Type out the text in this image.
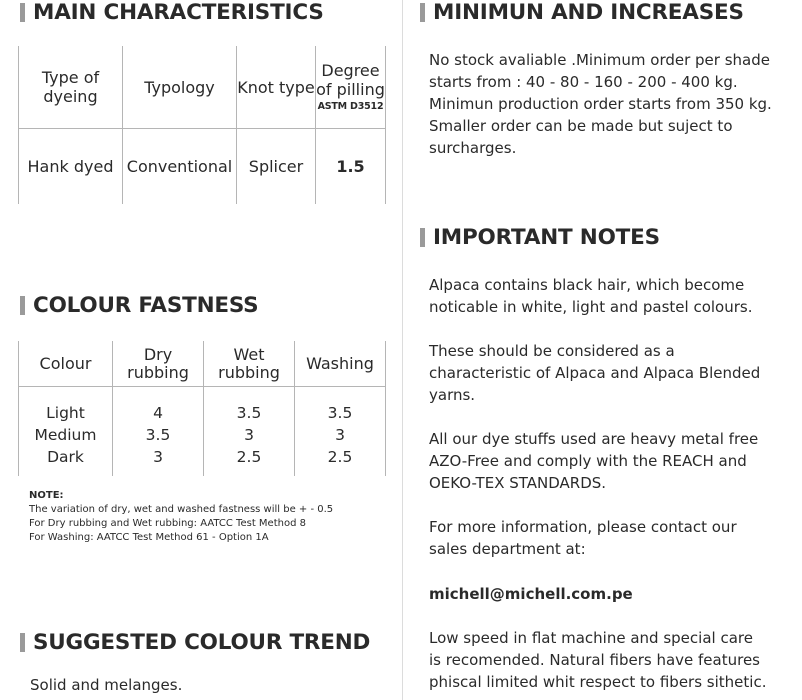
MAIN CHARACTERISTICS
Type of dyeing	Typology	Knot type	Degree of pilling
ASTM D3512

Hank dyed	Conventional	Splicer	1.5
COLOUR FASTNESS
Colour	Dry rubbing	Wet rubbing	Washing

Light	4	3.5	3.5
Medium	3.5	3	3
Dark	3	2.5	2.5
NOTE:
The variation of dry, wet and washed fastness will be + - 0.5
For Dry rubbing and Wet rubbing: AATCC Test Method 8
For Washing: AATCC Test Method 61 - Option 1A
SUGGESTED COLOUR TREND
Solid and melanges.
MINIMUN AND INCREASES
No stock avaliable .Minimum order per shade
starts from : 40 - 80 - 160 - 200 - 400 kg.
Minimun production order starts from 350 kg.
Smaller order can be made but suject to
surcharges.
IMPORTANT NOTES
Alpaca contains black hair, which become
noticable in white, light and pastel colours.
These should be considered as a
characteristic of Alpaca and Alpaca Blended
yarns.
All our dye stuffs used are heavy metal free
AZO-Free and comply with the REACH and
OEKO-TEX STANDARDS.
For more information, please contact our
sales department at:
michell@michell.com.pe
Low speed in flat machine and special care
is recomended. Natural fibers have features
phiscal limited whit respect to fibers sithetic.
